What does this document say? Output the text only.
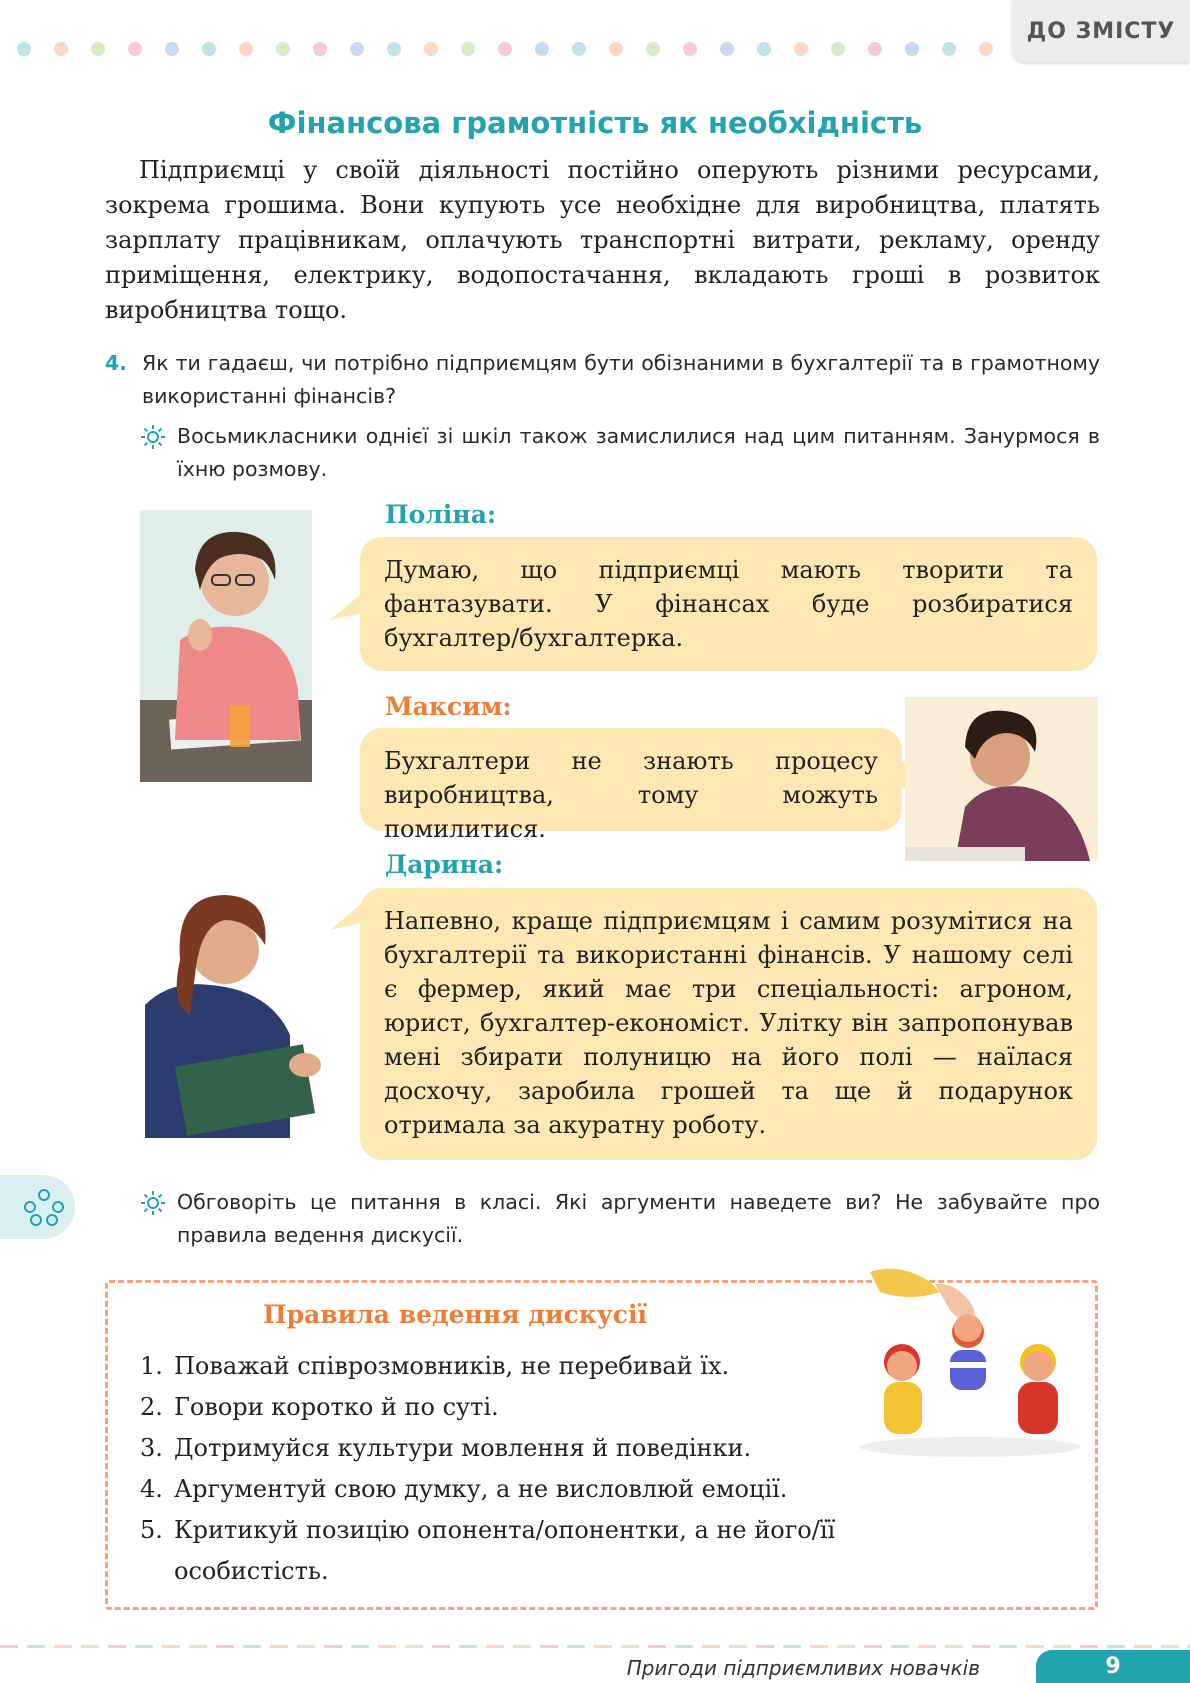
ДО ЗМІСТУ
Фінансова грамотність як необхідність

Підприємці у своїй діяльності постійно оперують різними ресурсами, зокрема грошима. Вони купують усе необхідне для виробництва, платять зарплату працівникам, оплачують транспортні витрати, рекламу, оренду приміщення, електрику, водопостачання, вкладають гроші в розвиток виробництва тощо.

4. Як ти гадаєш, чи потрібно підприємцям бути обізнаними в бухгалтерії та в грамотному використанні фінансів?

Восьмикласники однієї зі шкіл також замислилися над цим питанням. Занурмося в їхню розмову.

Поліна:

Думаю, що підприємці мають творити та фантазувати. У фінансах буде розбиратися бухгалтер/бухгалтерка.

Максим:

Бухгалтери не знають процесу виробництва, тому можуть помилитися.

Дарина:

Напевно, краще підприємцям і самим розумітися на бухгалтерії та використанні фінансів. У нашому селі є фермер, який має три спеціальності: агроном, юрист, бухгалтер-економіст. Улітку він запропонував мені збирати полуницю на його полі — наїлася досхочу, заробила грошей та ще й подарунок отримала за акуратну роботу.

Обговоріть це питання в класі. Які аргументи наведете ви? Не забувайте про правила ведення дискусії.

Правила ведення дискусії
1. Поважай співрозмовників, не перебивай їх.
2. Говори коротко й по суті.
3. Дотримуйся культури мовлення й поведінки.
4. Аргументуй свою думку, а не висловлюй емоції.
5. Критикуй позицію опонента/опонентки, а не його/її особистість.
Пригоди підприємливих новачків	9
